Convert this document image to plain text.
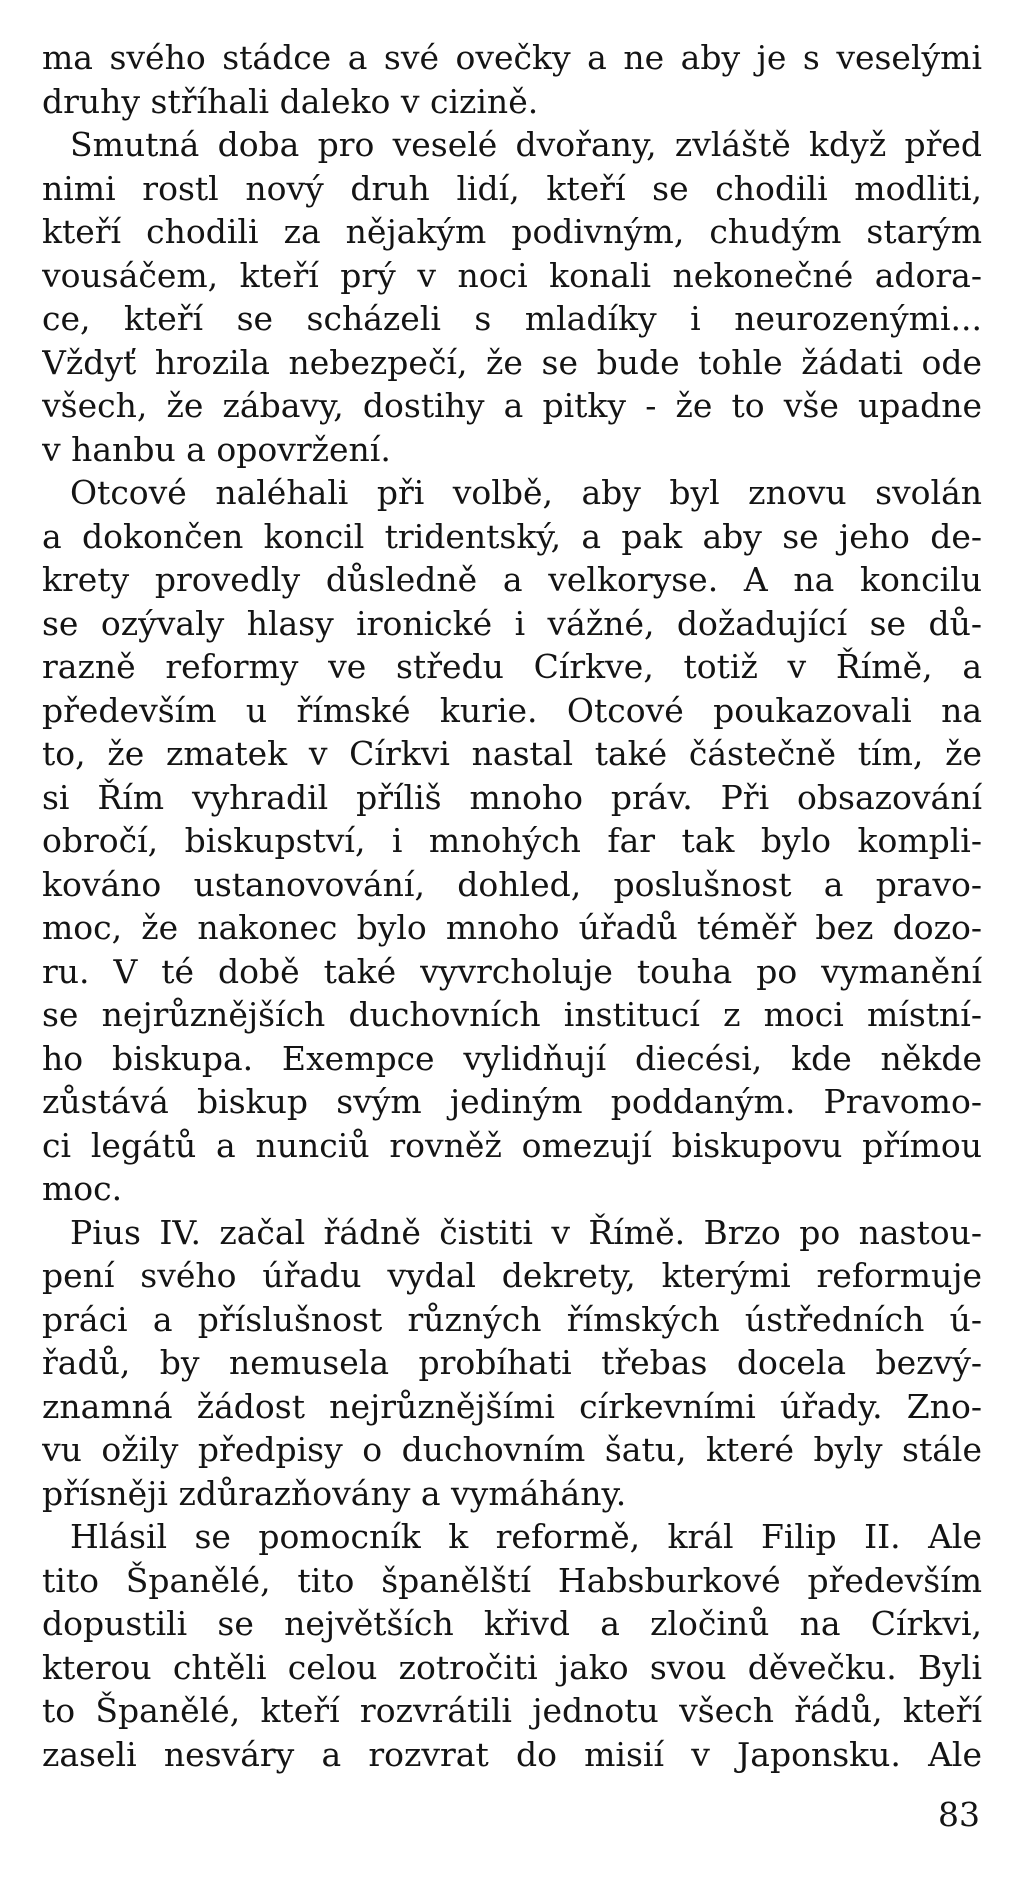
ma svého stádce a své ovečky a ne aby je s veselými
druhy stříhali daleko v cizině.
Smutná doba pro veselé dvořany, zvláště když před
nimi rostl nový druh lidí, kteří se chodili modliti,
kteří chodili za nějakým podivným, chudým starým
vousáčem, kteří prý v noci konali nekonečné adora-
ce, kteří se scházeli s mladíky i neurozenými...
Vždyť hrozila nebezpečí, že se bude tohle žádati ode
všech, že zábavy, dostihy a pitky - že to vše upadne
v hanbu a opovržení.
Otcové naléhali při volbě, aby byl znovu svolán
a dokončen koncil tridentský, a pak aby se jeho de-
krety provedly důsledně a velkoryse. A na koncilu
se ozývaly hlasy ironické i vážné, dožadující se dů-
razně reformy ve středu Církve, totiž v Římě, a
především u římské kurie. Otcové poukazovali na
to, že zmatek v Církvi nastal také částečně tím, že
si Řím vyhradil příliš mnoho práv. Při obsazování
obročí, biskupství, i mnohých far tak bylo kompli-
kováno ustanovování, dohled, poslušnost a pravo-
moc, že nakonec bylo mnoho úřadů téměř bez dozo-
ru. V té době také vyvrcholuje touha po vymanění
se nejrůznějších duchovních institucí z moci místní-
ho biskupa. Exempce vylidňují diecési, kde někde
zůstává biskup svým jediným poddaným. Pravomo-
ci legátů a nunciů rovněž omezují biskupovu přímou
moc.
Pius IV. začal řádně čistiti v Římě. Brzo po nastou-
pení svého úřadu vydal dekrety, kterými reformuje
práci a příslušnost různých římských ústředních ú-
řadů, by nemusela probíhati třebas docela bezvý-
znamná žádost nejrůznějšími církevními úřady. Zno-
vu ožily předpisy o duchovním šatu, které byly stále
přísněji zdůrazňovány a vymáhány.
Hlásil se pomocník k reformě, král Filip II. Ale
tito Španělé, tito španělští Habsburkové především
dopustili se největších křivd a zločinů na Církvi,
kterou chtěli celou zotročiti jako svou děvečku. Byli
to Španělé, kteří rozvrátili jednotu všech řádů, kteří
zaseli nesváry a rozvrat do misií v Japonsku. Ale
83
